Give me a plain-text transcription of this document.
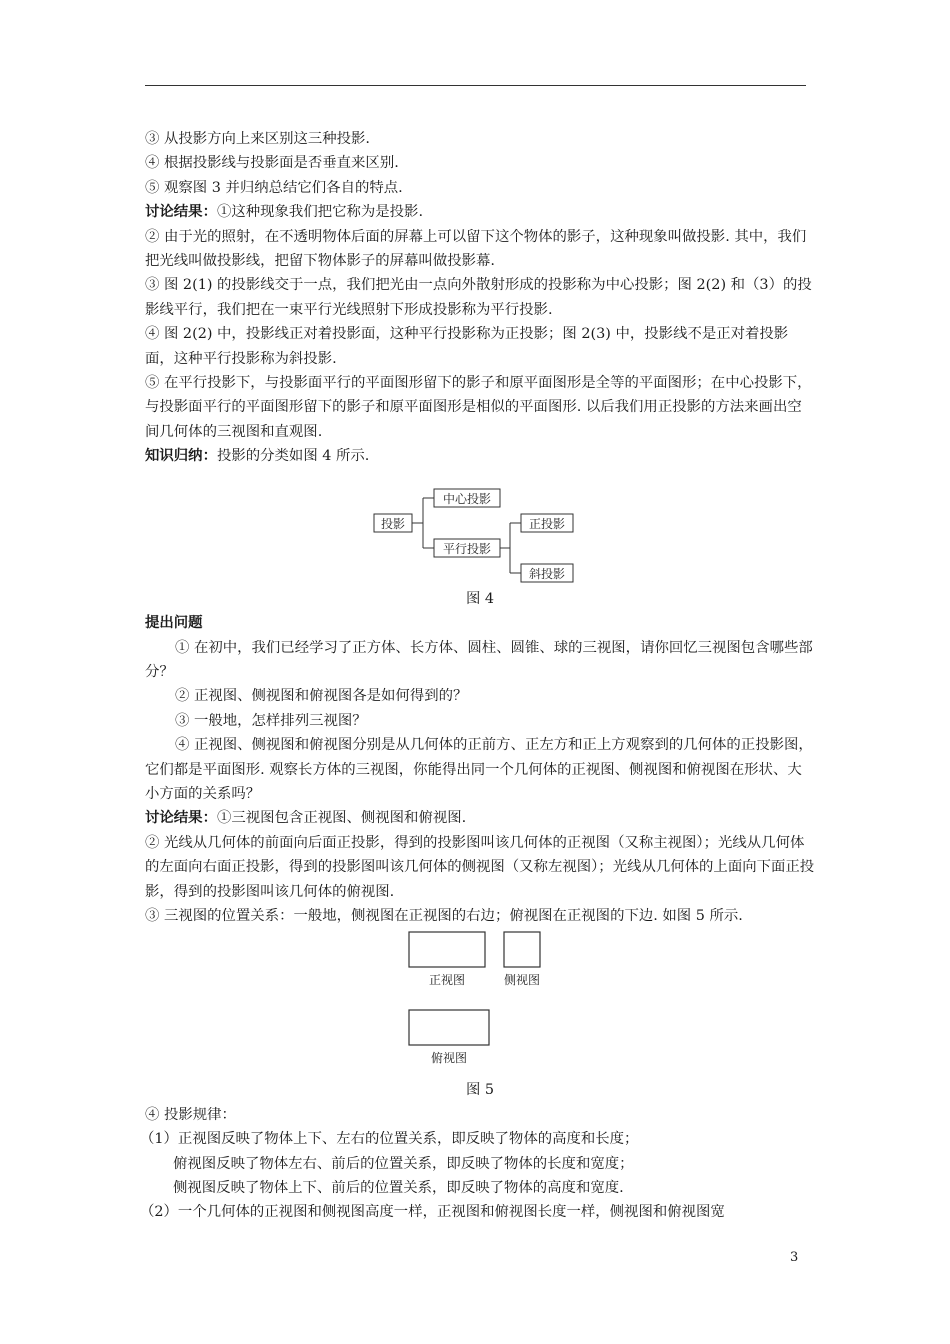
③ 从投影方向上来区别这三种投影.

④ 根据投影线与投影面是否垂直来区别.

⑤ 观察图 3 并归纳总结它们各自的特点.

讨论结果：①这种现象我们把它称为是投影.

② 由于光的照射，在不透明物体后面的屏幕上可以留下这个物体的影子，这种现象叫做投影. 其中，我们把光线叫做投影线，把留下物体影子的屏幕叫做投影幕.

③ 图 2(1) 的投影线交于一点，我们把光由一点向外散射形成的投影称为中心投影；图 2(2) 和（3）的投影线平行，我们把在一束平行光线照射下形成投影称为平行投影.

④ 图 2(2) 中，投影线正对着投影面，这种平行投影称为正投影；图 2(3) 中，投影线不是正对着投影面，这种平行投影称为斜投影.

⑤ 在平行投影下，与投影面平行的平面图形留下的影子和原平面图形是全等的平面图形；在中心投影下，与投影面平行的平面图形留下的影子和原平面图形是相似的平面图形. 以后我们用正投影的方法来画出空间几何体的三视图和直观图.

知识归纳：投影的分类如图 4 所示.

投影
中心投影
平行投影
正投影
斜投影

图 4

提出问题

① 在初中，我们已经学习了正方体、长方体、圆柱、圆锥、球的三视图，请你回忆三视图包含哪些部分？

② 正视图、侧视图和俯视图各是如何得到的？

③ 一般地，怎样排列三视图？

④ 正视图、侧视图和俯视图分别是从几何体的正前方、正左方和正上方观察到的几何体的正投影图，它们都是平面图形. 观察长方体的三视图，你能得出同一个几何体的正视图、侧视图和俯视图在形状、大小方面的关系吗？

讨论结果：①三视图包含正视图、侧视图和俯视图.

② 光线从几何体的前面向后面正投影，得到的投影图叫该几何体的正视图（又称主视图）；光线从几何体的左面向右面正投影，得到的投影图叫该几何体的侧视图（又称左视图）；光线从几何体的上面向下面正投影，得到的投影图叫该几何体的俯视图.

③ 三视图的位置关系：一般地，侧视图在正视图的右边；俯视图在正视图的下边. 如图 5 所示.

正视图	侧视图
俯视图

图 5

④ 投影规律：

（1）正视图反映了物体上下、左右的位置关系，即反映了物体的高度和长度；

俯视图反映了物体左右、前后的位置关系，即反映了物体的长度和宽度；

侧视图反映了物体上下、前后的位置关系，即反映了物体的高度和宽度.

（2）一个几何体的正视图和侧视图高度一样，正视图和俯视图长度一样，侧视图和俯视图宽

3
